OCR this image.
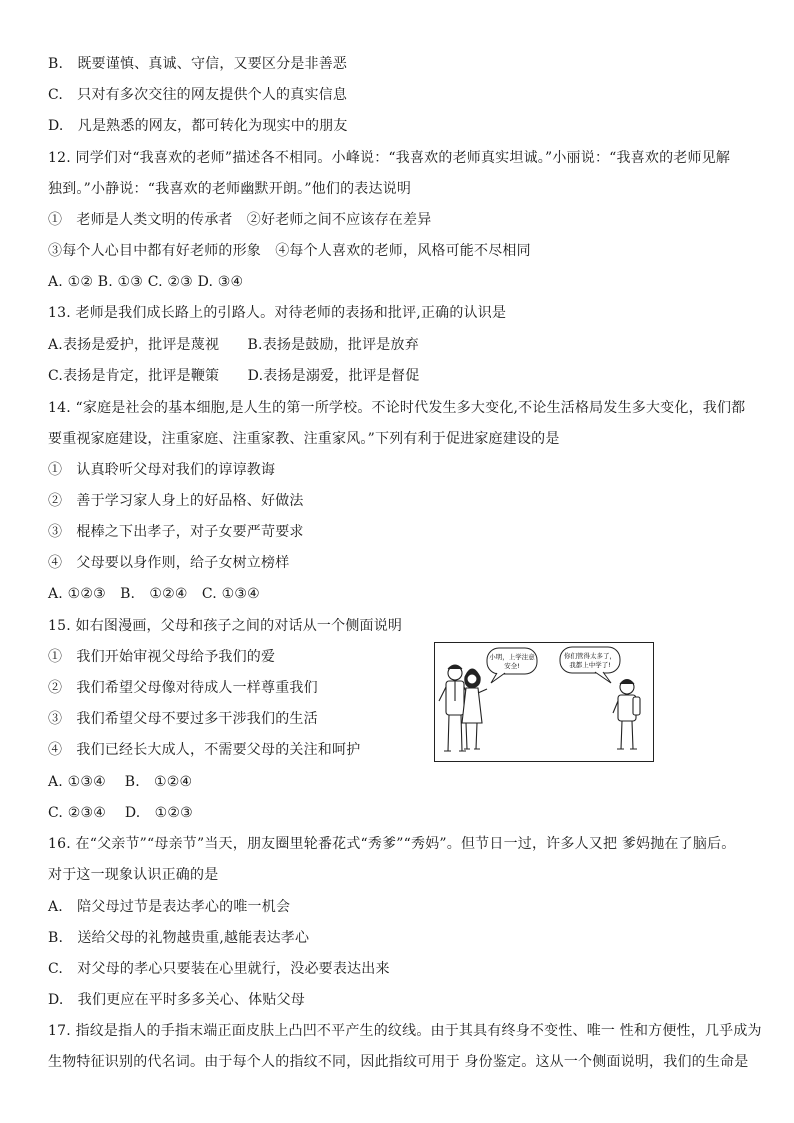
B.　既要谨慎、真诚、守信，又要区分是非善恶
C.　只对有多次交往的网友提供个人的真实信息
D.　凡是熟悉的网友，都可转化为现实中的朋友
12. 同学们对“我喜欢的老师”描述各不相同。小峰说：“我喜欢的老师真实坦诚。”小丽说：“我喜欢的老师见解
独到。”小静说：“我喜欢的老师幽默开朗。”他们的表达说明
①　老师是人类文明的传承者　②好老师之间不应该存在差异
③每个人心目中都有好老师的形象　④每个人喜欢的老师，风格可能不尽相同
A. ①② B. ①③ C. ②③ D. ③④
13. 老师是我们成长路上的引路人。对待老师的表扬和批评,正确的认识是
A.表扬是爱护，批评是蔑视　　B.表扬是鼓励，批评是放弃
C.表扬是肯定，批评是鞭策　　D.表扬是溺爱，批评是督促
14. “家庭是社会的基本细胞,是人生的第一所学校。不论时代发生多大变化,不论生活格局发生多大变化，我们都
要重视家庭建设，注重家庭、注重家教、注重家风。”下列有利于促进家庭建设的是
①　认真聆听父母对我们的谆谆教诲
②　善于学习家人身上的好品格、好做法
③　棍棒之下出孝子，对子女要严苛要求
④　父母要以身作则，给子女树立榜样
A. ①②③　B.　①②④　C. ①③④
15. 如右图漫画，父母和孩子之间的对话从一个侧面说明
①　我们开始审视父母给予我们的爱
②　我们希望父母像对待成人一样尊重我们
③　我们希望父母不要过多干涉我们的生活
④　我们已经长大成人，不需要父母的关注和呵护
A. ①③④　 B.　①②④
C. ②③④　 D.　①②③
16. 在“父亲节”“母亲节”当天，朋友圈里轮番花式“秀爹”“秀妈”。但节日一过，许多人又把 爹妈抛在了脑后。
对于这一现象认识正确的是
A.　陪父母过节是表达孝心的唯一机会
B.　送给父母的礼物越贵重,越能表达孝心
C.　对父母的孝心只要装在心里就行，没必要表达出来
D.　我们更应在平时多多关心、体贴父母
17. 指纹是指人的手指末端正面皮肤上凸凹不平产生的纹线。由于其具有终身不变性、唯一 性和方便性，几乎成为
生物特征识别的代名词。由于每个人的指纹不同，因此指纹可用于 身份鉴定。这从一个侧面说明，我们的生命是
小明，上学注意
安全!
你们管得太多了，
我都上中学了!
